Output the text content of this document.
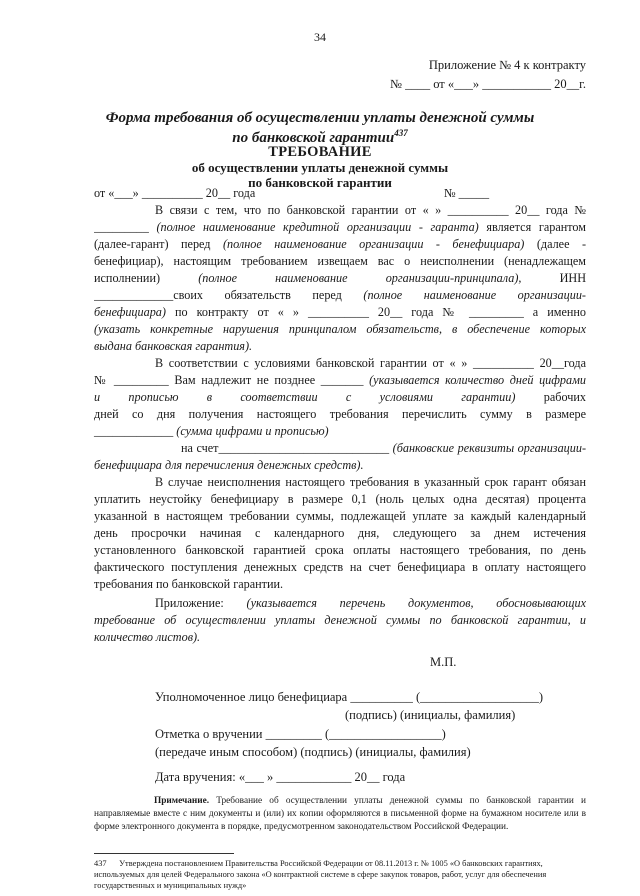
34
Приложение № 4 к контракту
№ ____ от «___» ___________ 20__г.
Форма требования об осуществлении уплаты денежной суммы
по банковской гарантии$^{437}$
ТРЕБОВАНИЕ
об осуществлении уплаты денежной суммы
по банковской гарантии
от «___» __________ 20__ года	№ _____
В связи с тем, что по банковской гарантии от « » __________ 20__ года №
_________ (полное наименование кредитной организации - гаранта) является гарантом
(далее-гарант) перед (полное наименование организации - бенефициара) (далее -
бенефициар), настоящим требованием извещаем вас о неисполнении (ненадлежащем
исполнении)	(полное наименование организации-принципала),	ИНН
_____________своих обязательств перед (полное наименование организации-
бенефициара) по контракту от « » __________ 20__ года № _________ а именно
(указать конкретные нарушения принципалом обязательств, в обеспечение которых
выдана банковская гарантия).
В соответствии с условиями банковской гарантии от « » __________ 20__года
№ _________ Вам надлежит не позднее _______ (указывается количество дней цифрами
и прописью в соответствии с условиями гарантии) рабочих
дней со дня получения настоящего требования перечислить сумму в размере
_____________ (сумма цифрами и прописью)
на счет____________________________ (банковские реквизиты организации-
бенефициара для перечисления денежных средств).
В случае неисполнения настоящего требования в указанный срок гарант обязан
уплатить неустойку бенефициару в размере 0,1 (ноль целых одна десятая) процента
указанной в настоящем требовании суммы, подлежащей уплате за каждый календарный
день просрочки начиная с календарного дня, следующего за днем истечения
установленного банковской гарантией срока оплаты настоящего требования, по день
фактического поступления денежных средств на счет бенефициара в оплату настоящего
требования по банковской гарантии.
Приложение: (указывается перечень документов, обосновывающих
требование об осуществлении уплаты денежной суммы по банковской гарантии, и
количество листов).
М.П.
Уполномоченное лицо бенефициара __________ (___________________)
(подпись) (инициалы, фамилия)
Отметка о вручении _________ (__________________)
(передаче иным способом) (подпись) (инициалы, фамилия)
Дата вручения: «___ » ____________ 20__ года
Примечание. Требование об осуществлении уплаты денежной суммы по банковской гарантии и направляемые вместе с ним документы и (или) их копии оформляются в письменной форме на бумажном носителе или в форме электронного документа в порядке, предусмотренном законодательством Российской Федерации.
437 Утверждена постановлением Правительства Российской Федерации от 08.11.2013 г. № 1005 «О банковских гарантиях, используемых для целей Федерального закона «О контрактной системе в сфере закупок товаров, работ, услуг для обеспечения государственных и муниципальных нужд»
